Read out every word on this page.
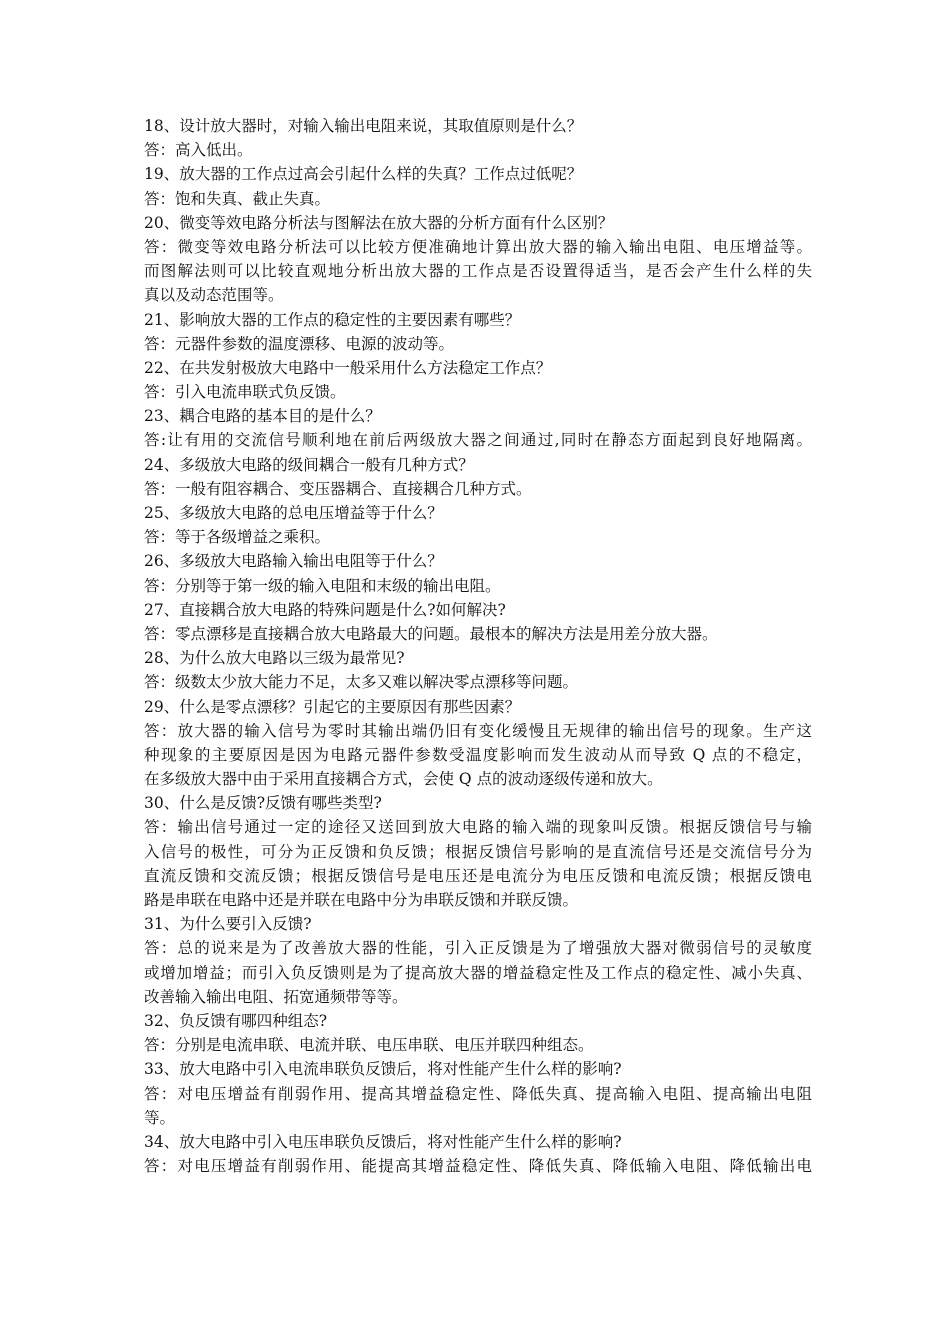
18、设计放大器时，对输入输出电阻来说，其取值原则是什么？
答：高入低出。
19、放大器的工作点过高会引起什么样的失真？工作点过低呢？
答：饱和失真、截止失真。
20、微变等效电路分析法与图解法在放大器的分析方面有什么区别？
答：微变等效电路分析法可以比较方便准确地计算出放大器的输入输出电阻、电压增益等。
而图解法则可以比较直观地分析出放大器的工作点是否设置得适当，是否会产生什么样的失
真以及动态范围等。
21、影响放大器的工作点的稳定性的主要因素有哪些？
答：元器件参数的温度漂移、电源的波动等。
22、在共发射极放大电路中一般采用什么方法稳定工作点？
答：引入电流串联式负反馈。
23、耦合电路的基本目的是什么？
答:让有用的交流信号顺利地在前后两级放大器之间通过,同时在静态方面起到良好地隔离。
24、多级放大电路的级间耦合一般有几种方式？
答：一般有阻容耦合、变压器耦合、直接耦合几种方式。
25、多级放大电路的总电压增益等于什么？
答：等于各级增益之乘积。
26、多级放大电路输入输出电阻等于什么？
答：分别等于第一级的输入电阻和末级的输出电阻。
27、直接耦合放大电路的特殊问题是什么?如何解决?
答：零点漂移是直接耦合放大电路最大的问题。最根本的解决方法是用差分放大器。
28、为什么放大电路以三级为最常见?
答：级数太少放大能力不足，太多又难以解决零点漂移等问题。
29、什么是零点漂移？引起它的主要原因有那些因素？
答：放大器的输入信号为零时其输出端仍旧有变化缓慢且无规律的输出信号的现象。生产这
种现象的主要原因是因为电路元器件参数受温度影响而发生波动从而导致 Q 点的不稳定，
在多级放大器中由于采用直接耦合方式，会使 Q 点的波动逐级传递和放大。
30、什么是反馈?反馈有哪些类型?
答：输出信号通过一定的途径又送回到放大电路的输入端的现象叫反馈。根据反馈信号与输
入信号的极性，可分为正反馈和负反馈；根据反馈信号影响的是直流信号还是交流信号分为
直流反馈和交流反馈；根据反馈信号是电压还是电流分为电压反馈和电流反馈；根据反馈电
路是串联在电路中还是并联在电路中分为串联反馈和并联反馈。
31、为什么要引入反馈?
答：总的说来是为了改善放大器的性能，引入正反馈是为了增强放大器对微弱信号的灵敏度
或增加增益；而引入负反馈则是为了提高放大器的增益稳定性及工作点的稳定性、减小失真、
改善输入输出电阻、拓宽通频带等等。
32、负反馈有哪四种组态?
答：分别是电流串联、电流并联、电压串联、电压并联四种组态。
33、放大电路中引入电流串联负反馈后，将对性能产生什么样的影响?
答：对电压增益有削弱作用、提高其增益稳定性、降低失真、提高输入电阻、提高输出电阻
等。
34、放大电路中引入电压串联负反馈后，将对性能产生什么样的影响?
答：对电压增益有削弱作用、能提高其增益稳定性、降低失真、降低输入电阻、降低输出电
